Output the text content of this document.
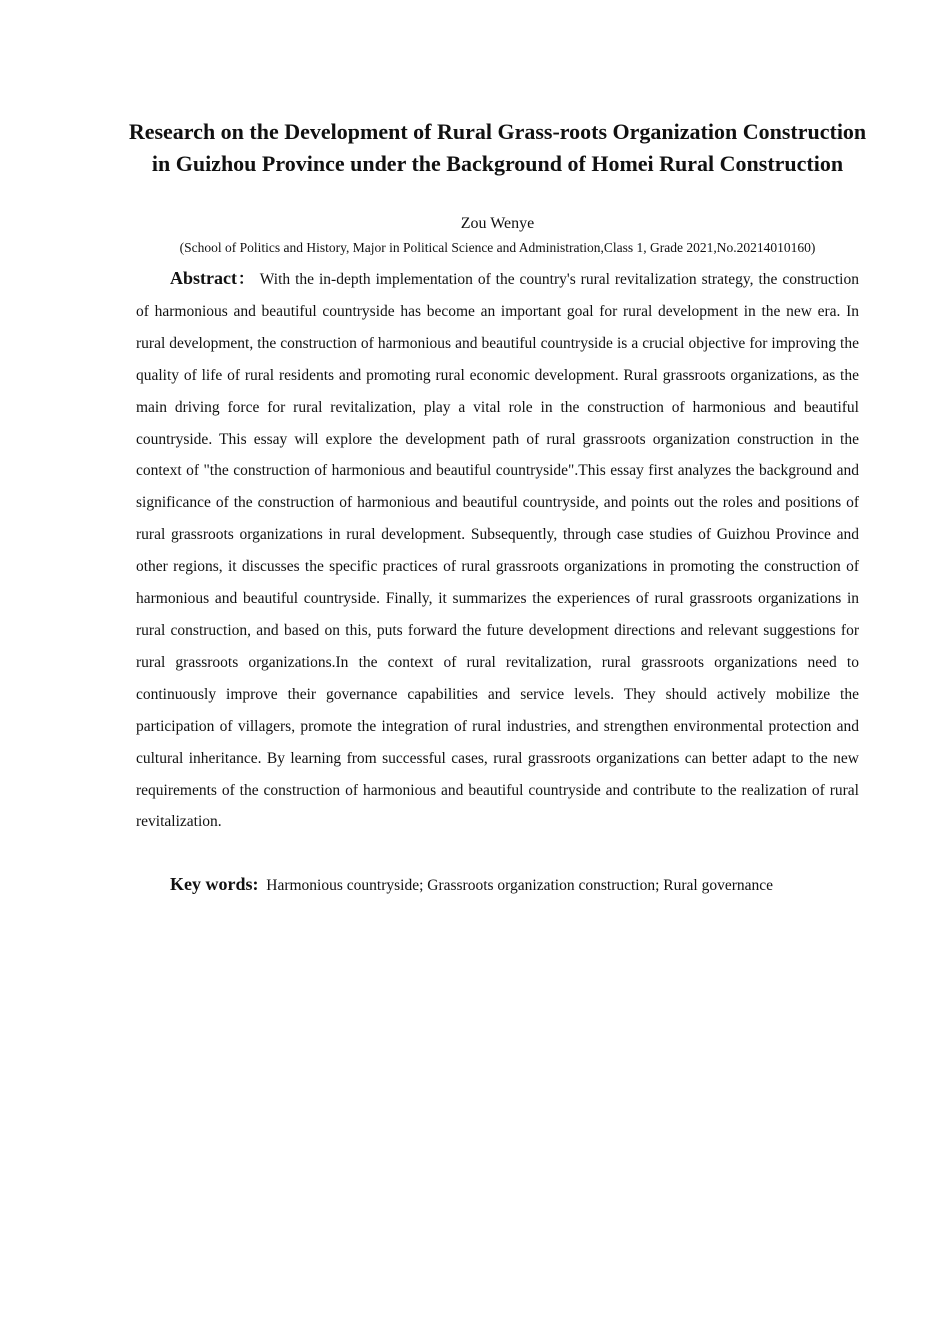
Research on the Development of Rural Grass-roots Organization Construction in Guizhou Province under the Background of Homei Rural Construction
Zou Wenye
(School of Politics and History, Major in Political Science and Administration,Class 1, Grade 2021,No.20214010160)

Abstract： With the in-depth implementation of the country's rural revitalization strategy, the construction of harmonious and beautiful countryside has become an important goal for rural development in the new era. In rural development, the construction of harmonious and beautiful countryside is a crucial objective for improving the quality of life of rural residents and promoting rural economic development. Rural grassroots organizations, as the main driving force for rural revitalization, play a vital role in the construction of harmonious and beautiful countryside. This essay will explore the development path of rural grassroots organization construction in the context of "the construction of harmonious and beautiful countryside".This essay first analyzes the background and significance of the construction of harmonious and beautiful countryside, and points out the roles and positions of rural grassroots organizations in rural development. Subsequently, through case studies of Guizhou Province and other regions, it discusses the specific practices of rural grassroots organizations in promoting the construction of harmonious and beautiful countryside. Finally, it summarizes the experiences of rural grassroots organizations in rural construction, and based on this, puts forward the future development directions and relevant suggestions for rural grassroots organizations.In the context of rural revitalization, rural grassroots organizations need to continuously improve their governance capabilities and service levels. They should actively mobilize the participation of villagers, promote the integration of rural industries, and strengthen environmental protection and cultural inheritance. By learning from successful cases, rural grassroots organizations can better adapt to the new requirements of the construction of harmonious and beautiful countryside and contribute to the realization of rural revitalization.

Key words: Harmonious countryside; Grassroots organization construction; Rural governance
